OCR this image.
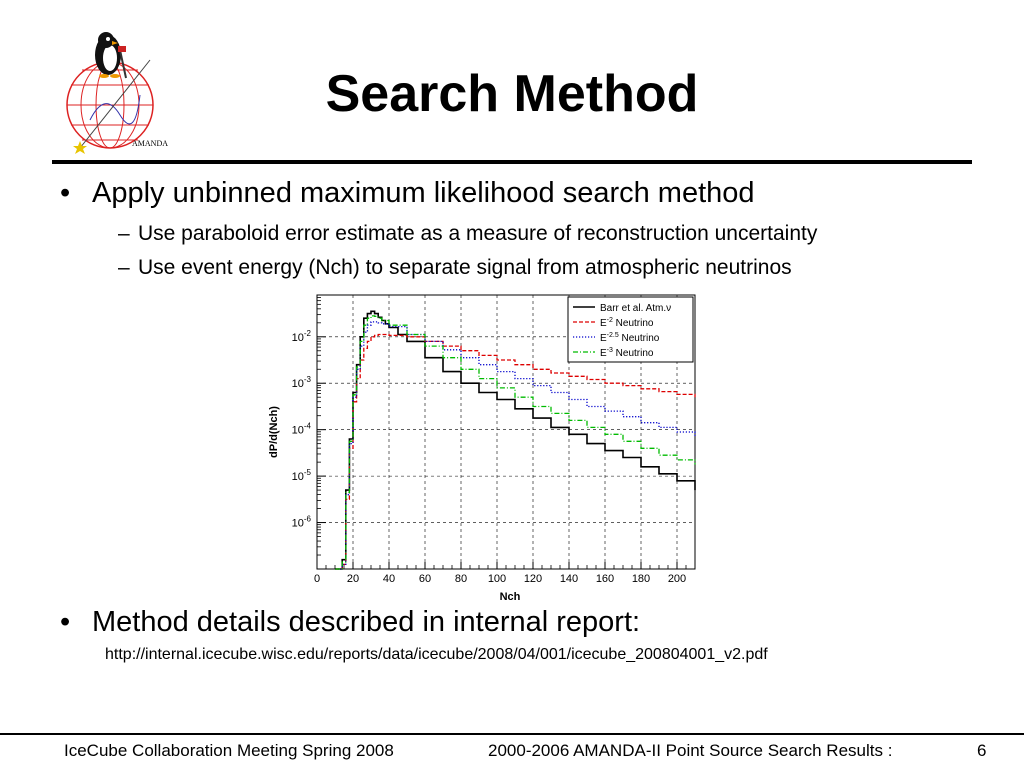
AMANDA
Search Method
• Apply unbinned maximum likelihood search method
– Use paraboloid error estimate as a measure of reconstruction uncertainty
– Use event energy (Nch) to separate signal from atmospheric neutrinos
0 20 40 60 80 100 120 140 160 180 200
$10^{-2}$
$10^{-3}$
$10^{-4}$
$10^{-5}$
$10^{-6}$
Barr et al. Atm.ν
$E^{-2}$ Neutrino
$E^{-2.5}$ Neutrino
$E^{-3}$ Neutrino
Nch
dP/d(Nch)
• Method details described in internal report:
http://internal.icecube.wisc.edu/reports/data/icecube/2008/04/001/icecube_200804001_v2.pdf
IceCube Collaboration Meeting Spring 2008	2000-2006 AMANDA-II Point Source Search Results :	6
